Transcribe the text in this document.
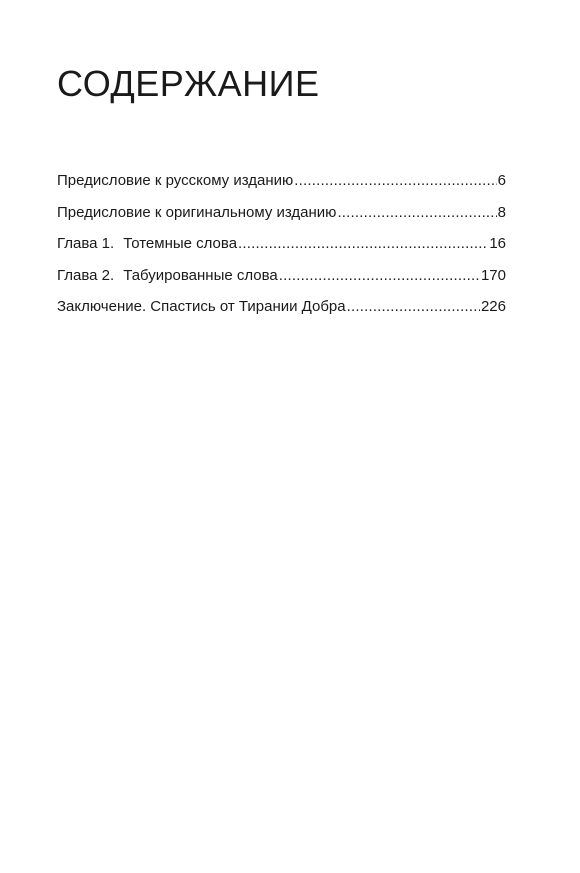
СОДЕРЖАНИЕ
Предисловие к русскому изданию .....	6
Предисловие к оригинальному изданию .....	8
Глава 1. Тотемные слова .....	16
Глава 2. Табуированные слова .....	170
Заключение. Спастись от Тирании Добра .....	226
